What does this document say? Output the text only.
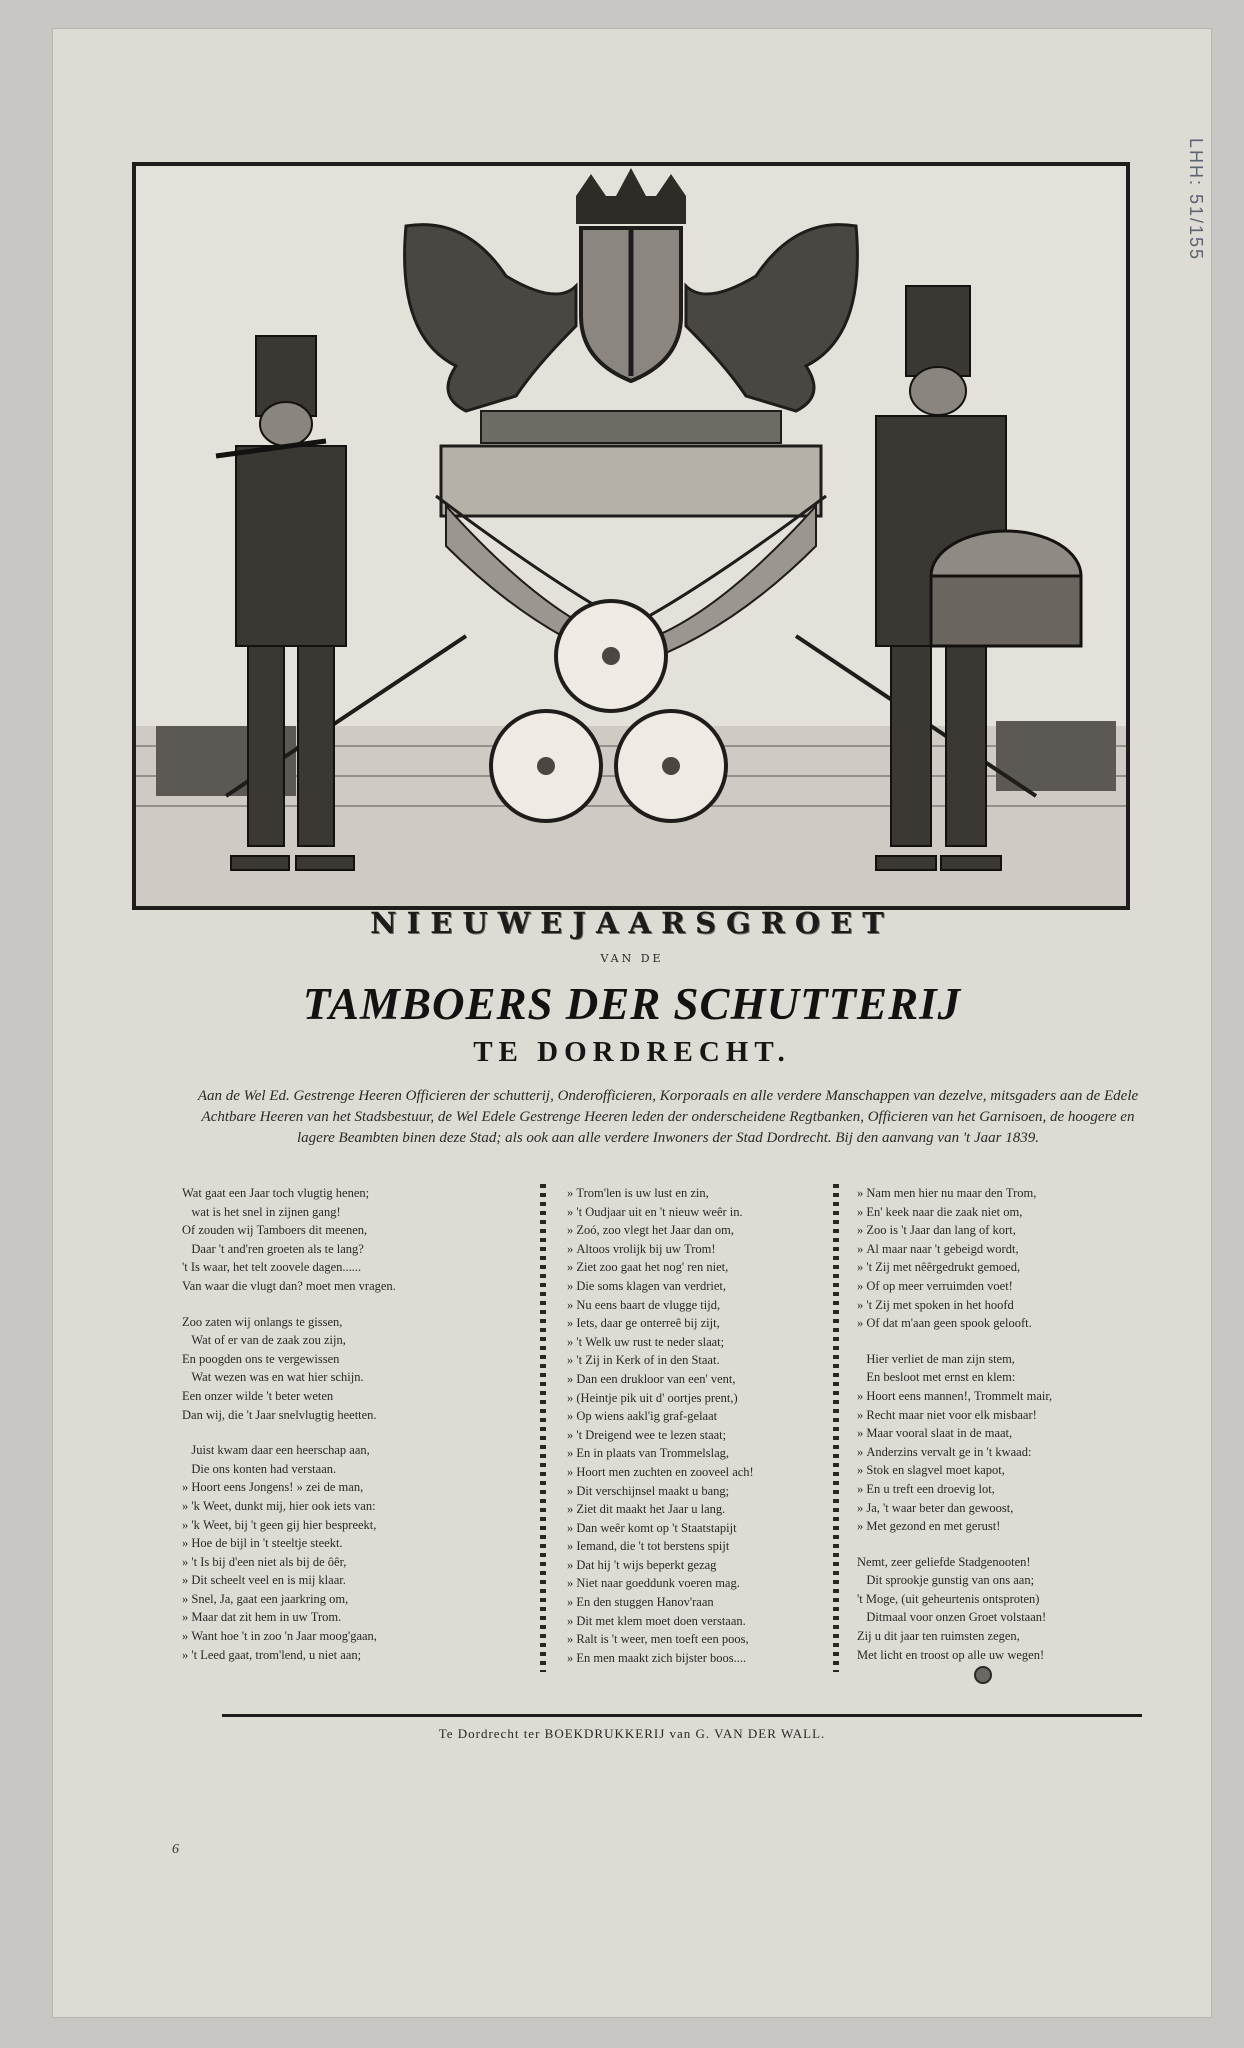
LHH: 51/155
NIEUWEJAARSGROET
VAN DE
TAMBOERS DER SCHUTTERIJ
TE DORDRECHT.
Aan de Wel Ed. Gestrenge Heeren Officieren der schutterij, Onderofficieren, Korporaals en alle verdere Manschappen van dezelve, mitsgaders aan de Edele Achtbare Heeren van het Stadsbestuur, de Wel Edele Gestrenge Heeren leden der onderscheidene Regtbanken, Officieren van het Garnisoen, de hoogere en lagere Beambten binen deze Stad; als ook aan alle verdere Inwoners der Stad Dordrecht. Bij den aanvang van 't Jaar 1839.
Wat gaat een Jaar toch vlugtig henen;
wat is het snel in zijnen gang!
Of zouden wij Tamboers dit meenen,
Daar 't and'ren groeten als te lang?
't Is waar, het telt zoovele dagen......
Van waar die vlugt dan? moet men vragen.
Zoo zaten wij onlangs te gissen,
Wat of er van de zaak zou zijn,
En poogden ons te vergewissen
Wat wezen was en wat hier schijn.
Een onzer wilde 't beter weten
Dan wij, die 't Jaar snelvlugtig heetten.
Juist kwam daar een heerschap aan,
Die ons konten had verstaan.
» Hoort eens Jongens! » zei de man,
» 'k Weet, dunkt mij, hier ook iets van:
» 'k Weet, bij 't geen gij hier bespreekt,
» Hoe de bijl in 't steeltje steekt.
» 't Is bij d'een niet als bij de ôêr,
» Dit scheelt veel en is mij klaar.
» Snel, Ja, gaat een jaarkring om,
» Maar dat zit hem in uw Trom.
» Want hoe 't in zoo 'n Jaar moog'gaan,
» 't Leed gaat, trom'lend, u niet aan;
» Trom'len is uw lust en zin,
» 't Oudjaar uit en 't nieuw weêr in.
» Zoó, zoo vlegt het Jaar dan om,
» Altoos vrolijk bij uw Trom!
» Ziet zoo gaat het nog' ren niet,
» Die soms klagen van verdriet,
» Nu eens baart de vlugge tijd,
» Iets, daar ge onterreê bij zijt,
» 't Welk uw rust te neder slaat;
» 't Zij in Kerk of in den Staat.
» Dan een drukloor van een' vent,
» (Heintje pik uit d' oortjes prent,)
» Op wiens aakl'ig graf-gelaat
» 't Dreigend wee te lezen staat;
» En in plaats van Trommelslag,
» Hoort men zuchten en zooveel ach!
» Dit verschijnsel maakt u bang;
» Ziet dit maakt het Jaar u lang.
» Dan weêr komt op 't Staatstapijt
» Iemand, die 't tot berstens spijt
» Dat hij 't wijs beperkt gezag
» Niet naar goeddunk voeren mag.
» En den stuggen Hanov'raan
» Dit met klem moet doen verstaan.
» Ralt is 't weer, men toeft een poos,
» En men maakt zich bijster boos....
» Nam men hier nu maar den Trom,
» En' keek naar die zaak niet om,
» Zoo is 't Jaar dan lang of kort,
» Al maar naar 't gebeigd wordt,
» 't Zij met nêêrgedrukt gemoed,
» Of op meer verruimden voet!
» 't Zij met spoken in het hoofd
» Of dat m'aan geen spook gelooft.
Hier verliet de man zijn stem,
En besloot met ernst en klem:
» Hoort eens mannen!, Trommelt mair,
» Recht maar niet voor elk misbaar!
» Maar vooral slaat in de maat,
» Anderzins vervalt ge in 't kwaad:
» Stok en slagvel moet kapot,
» En u treft een droevig lot,
» Ja, 't waar beter dan gewoost,
» Met gezond en met gerust!
Nemt, zeer geliefde Stadgenooten!
Dit sprookje gunstig van ons aan;
't Moge, (uit geheurtenis ontsproten)
Ditmaal voor onzen Groet volstaan!
Zij u dit jaar ten ruimsten zegen,
Met licht en troost op alle uw wegen!
Te Dordrecht ter BOEKDRUKKERIJ van G. VAN DER WALL.
6
